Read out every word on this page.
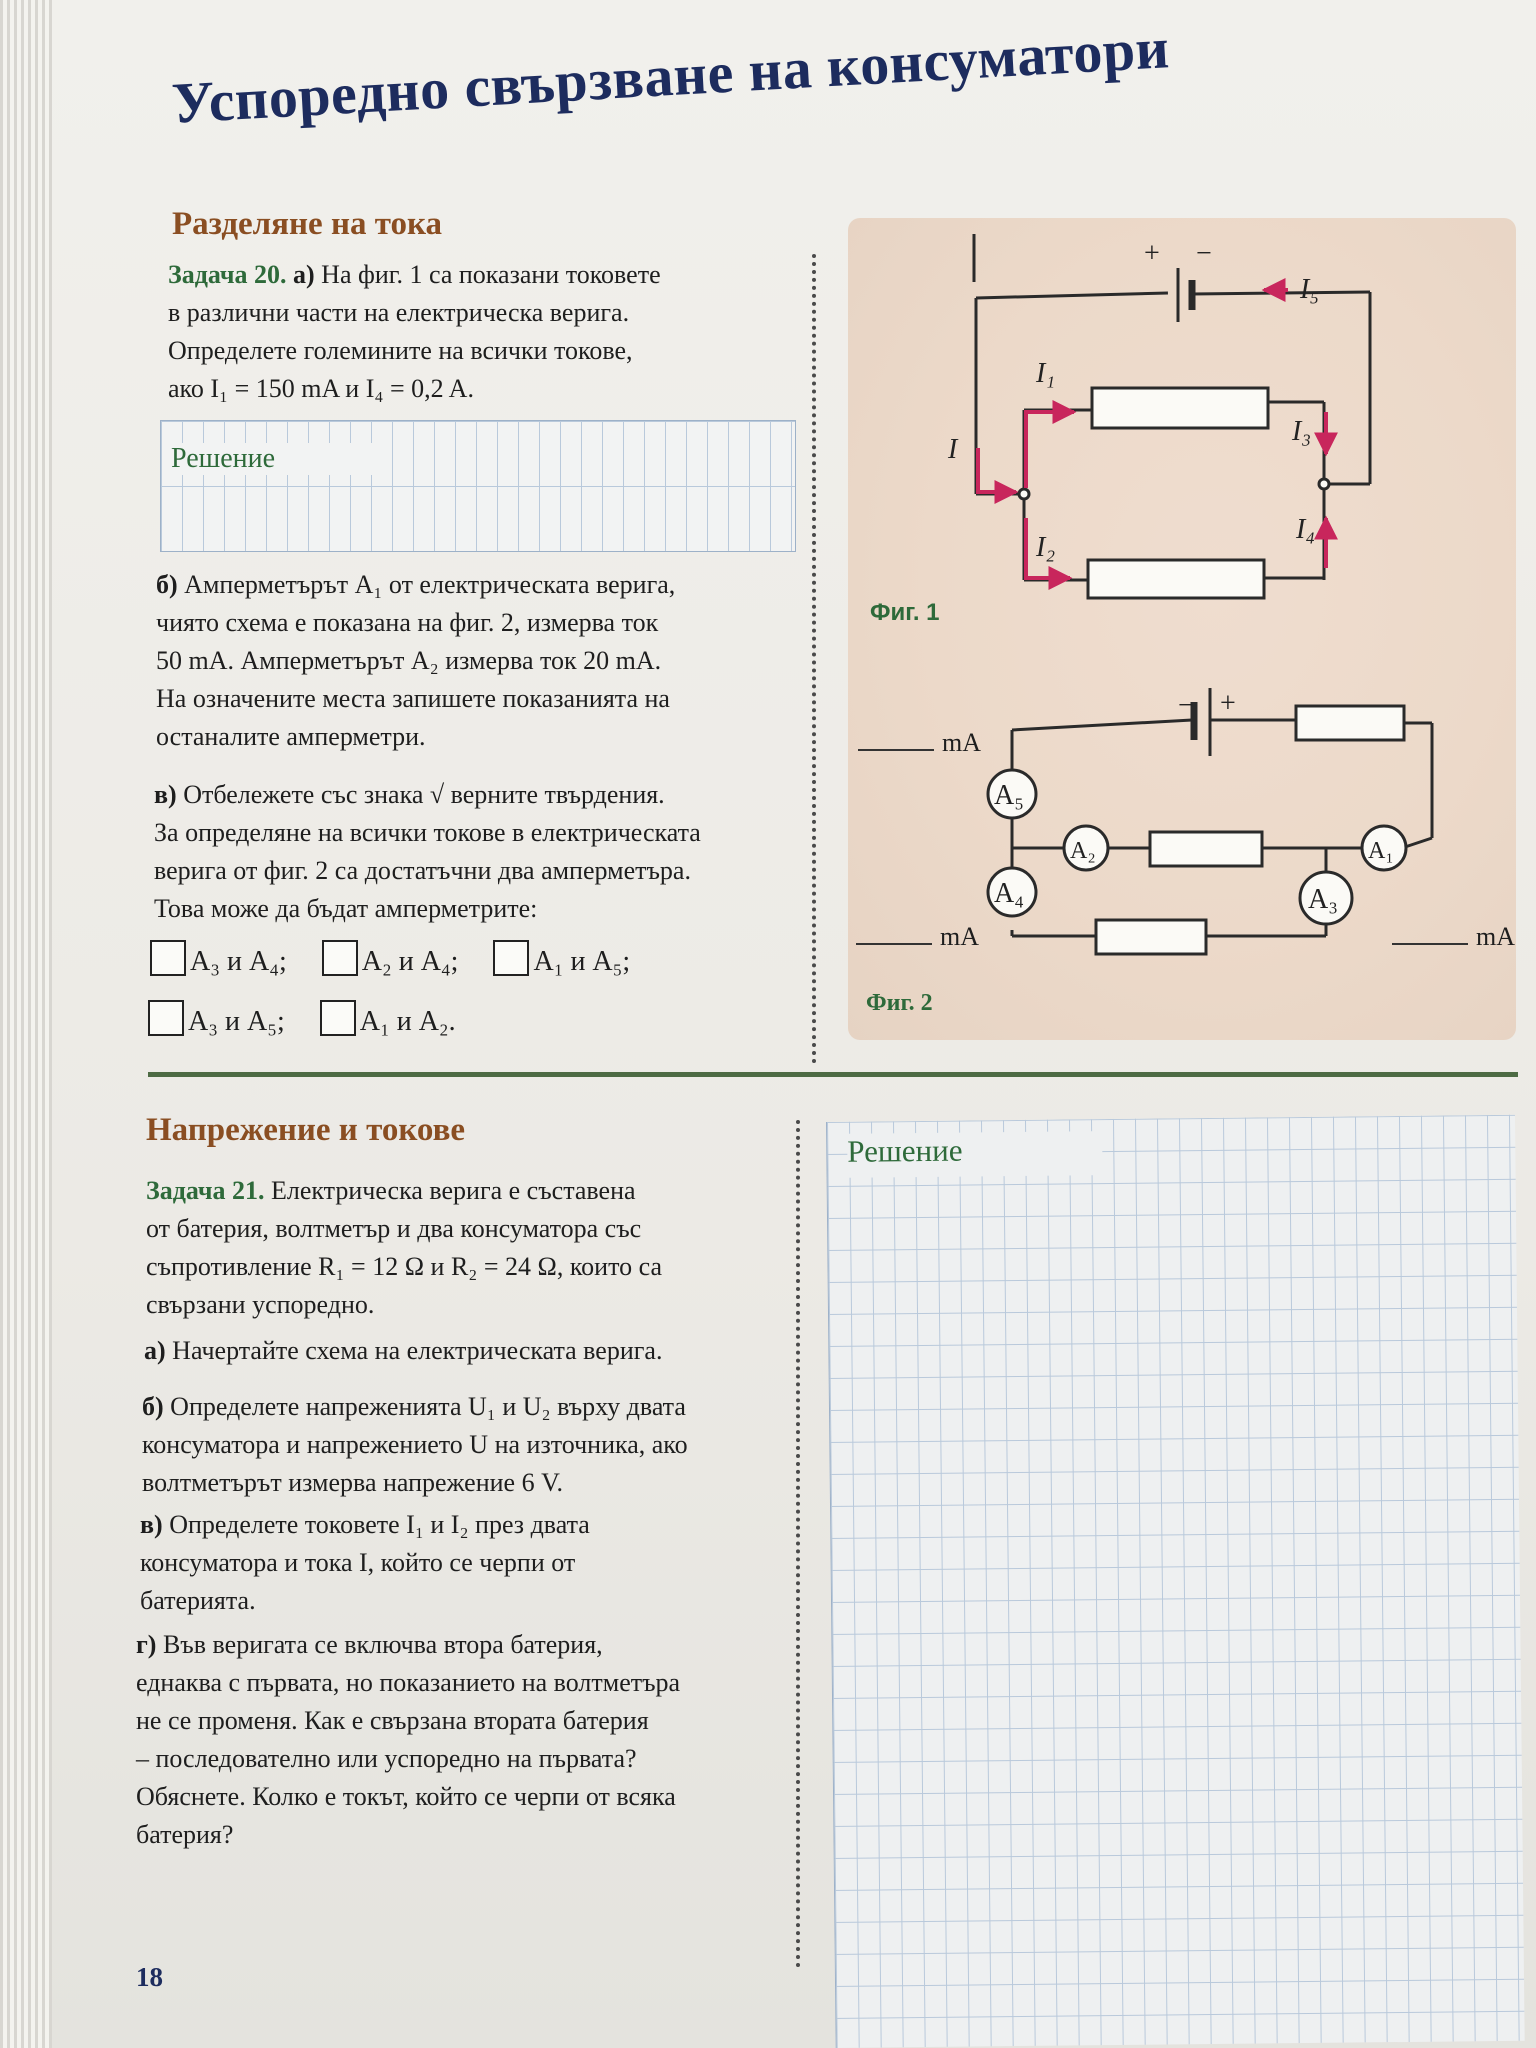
Успоредно свързване на консуматори
Разделяне на тока
Задача 20. а) На фиг. 1 са показани токовете
в различни части на електрическа верига.
Определете големините на всички токове,
ако I₁ = 150 mA и I₄ = 0,2 A.
Решение
б) Амперметърът A₁ от електрическата верига,
чиято схема е показана на фиг. 2, измерва ток
50 mA. Амперметърът A₂ измерва ток 20 mA.
На означените места запишете показанията на
останалите амперметри.
в) Отбележете със знака √ верните твърдения.
За определяне на всички токове в електрическата
верига от фиг. 2 са достатъчни два амперметъра.
Това може да бъдат амперметрите:
A₃ и A₄;	A₂ и A₄;	A₁ и A₅;
A₃ и A₅;	A₁ и A₂.
+ −
I
I₁
I₂
I₃
I₄
I₅
Фиг. 1
− +
A₅
A₂	A₁
A₄	A₃
Фиг. 2
mA
mA	mA
Напрежение и токове
Задача 21. Електрическа верига е съставена
от батерия, волтметър и два консуматора със
съпротивление R₁ = 12 Ω и R₂ = 24 Ω, които са
свързани успоредно.
а) Начертайте схема на електрическата верига.
б) Определете напреженията U₁ и U₂ върху двата
консуматора и напрежението U на източника, ако
волтметърът измерва напрежение 6 V.
в) Определете токовете I₁ и I₂ през двата
консуматора и тока I, който се черпи от
батерията.
г) Във веригата се включва втора батерия,
еднаква с първата, но показанието на волтметъра
не се променя. Как е свързана втората батерия
– последователно или успоредно на първата?
Обяснете. Колко е токът, който се черпи от всяка
батерия?
Решение
18
